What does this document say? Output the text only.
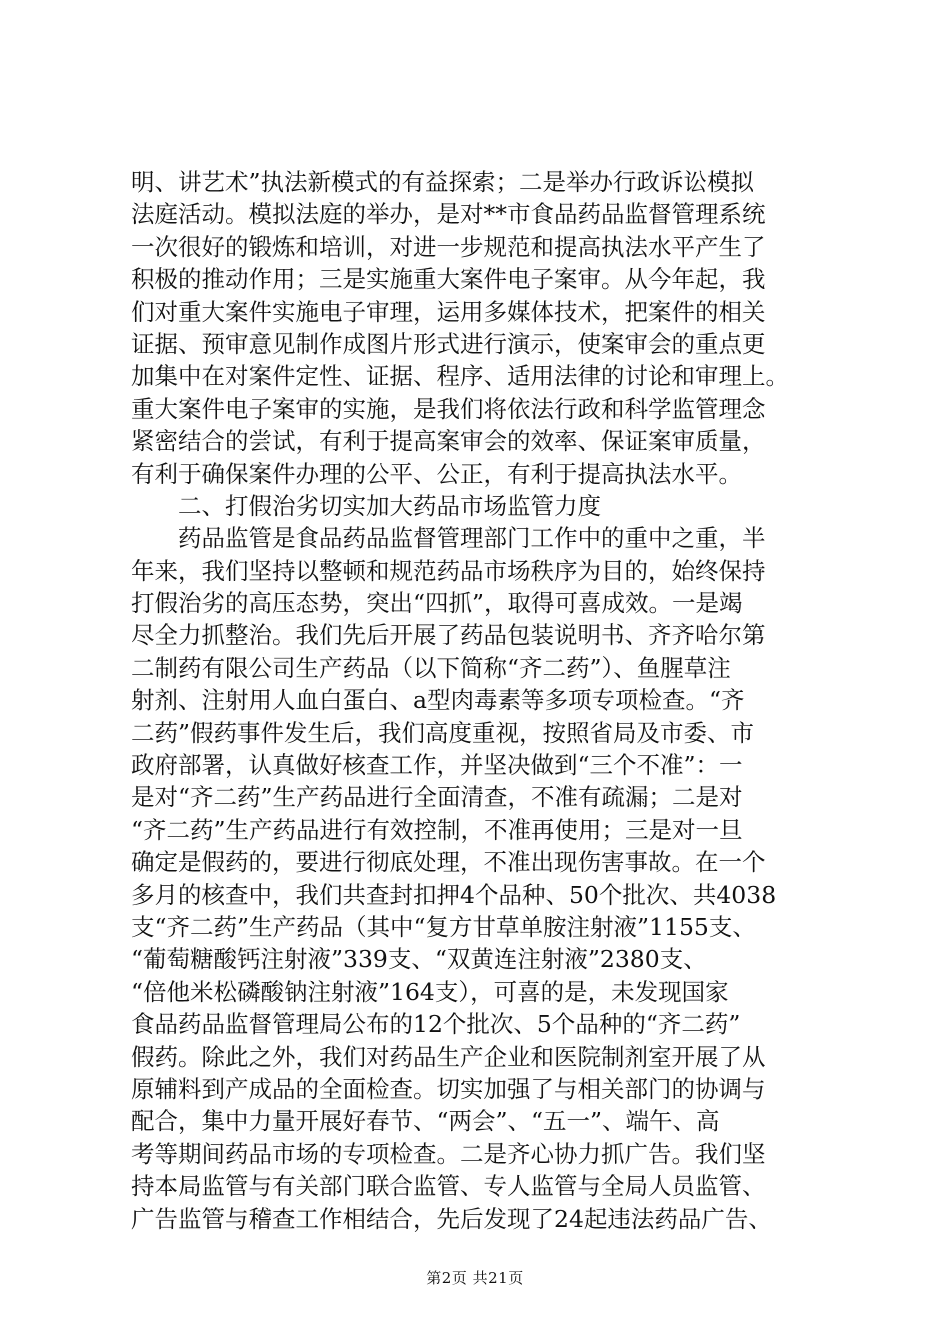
明、讲艺术”执法新模式的有益探索；二是举办行政诉讼模拟
法庭活动。模拟法庭的举办，是对**市食品药品监督管理系统
一次很好的锻炼和培训，对进一步规范和提高执法水平产生了
积极的推动作用；三是实施重大案件电子案审。从今年起，我
们对重大案件实施电子审理，运用多媒体技术，把案件的相关
证据、预审意见制作成图片形式进行演示，使案审会的重点更
加集中在对案件定性、证据、程序、适用法律的讨论和审理上。
重大案件电子案审的实施，是我们将依法行政和科学监管理念
紧密结合的尝试，有利于提高案审会的效率、保证案审质量，
有利于确保案件办理的公平、公正，有利于提高执法水平。
　　二、打假治劣切实加大药品市场监管力度
　　药品监管是食品药品监督管理部门工作中的重中之重，半
年来，我们坚持以整顿和规范药品市场秩序为目的，始终保持
打假治劣的高压态势，突出“四抓”，取得可喜成效。一是竭
尽全力抓整治。我们先后开展了药品包装说明书、齐齐哈尔第
二制药有限公司生产药品（以下简称“齐二药”）、鱼腥草注
射剂、注射用人血白蛋白、a型肉毒素等多项专项检查。“齐
二药”假药事件发生后，我们高度重视，按照省局及市委、市
政府部署，认真做好核查工作，并坚决做到“三个不准”：一
是对“齐二药”生产药品进行全面清查，不准有疏漏；二是对
“齐二药”生产药品进行有效控制，不准再使用；三是对一旦
确定是假药的，要进行彻底处理，不准出现伤害事故。在一个
多月的核查中，我们共查封扣押4个品种、50个批次、共4038
支“齐二药”生产药品（其中“复方甘草单胺注射液”1155支、
“葡萄糖酸钙注射液”339支、“双黄连注射液”2380支、
“倍他米松磷酸钠注射液”164支），可喜的是，未发现国家
食品药品监督管理局公布的12个批次、5个品种的“齐二药”
假药。除此之外，我们对药品生产企业和医院制剂室开展了从
原辅料到产成品的全面检查。切实加强了与相关部门的协调与
配合，集中力量开展好春节、“两会”、“五一”、端午、高
考等期间药品市场的专项检查。二是齐心协力抓广告。我们坚
持本局监管与有关部门联合监管、专人监管与全局人员监管、
广告监管与稽查工作相结合，先后发现了24起违法药品广告、
第2页 共21页
